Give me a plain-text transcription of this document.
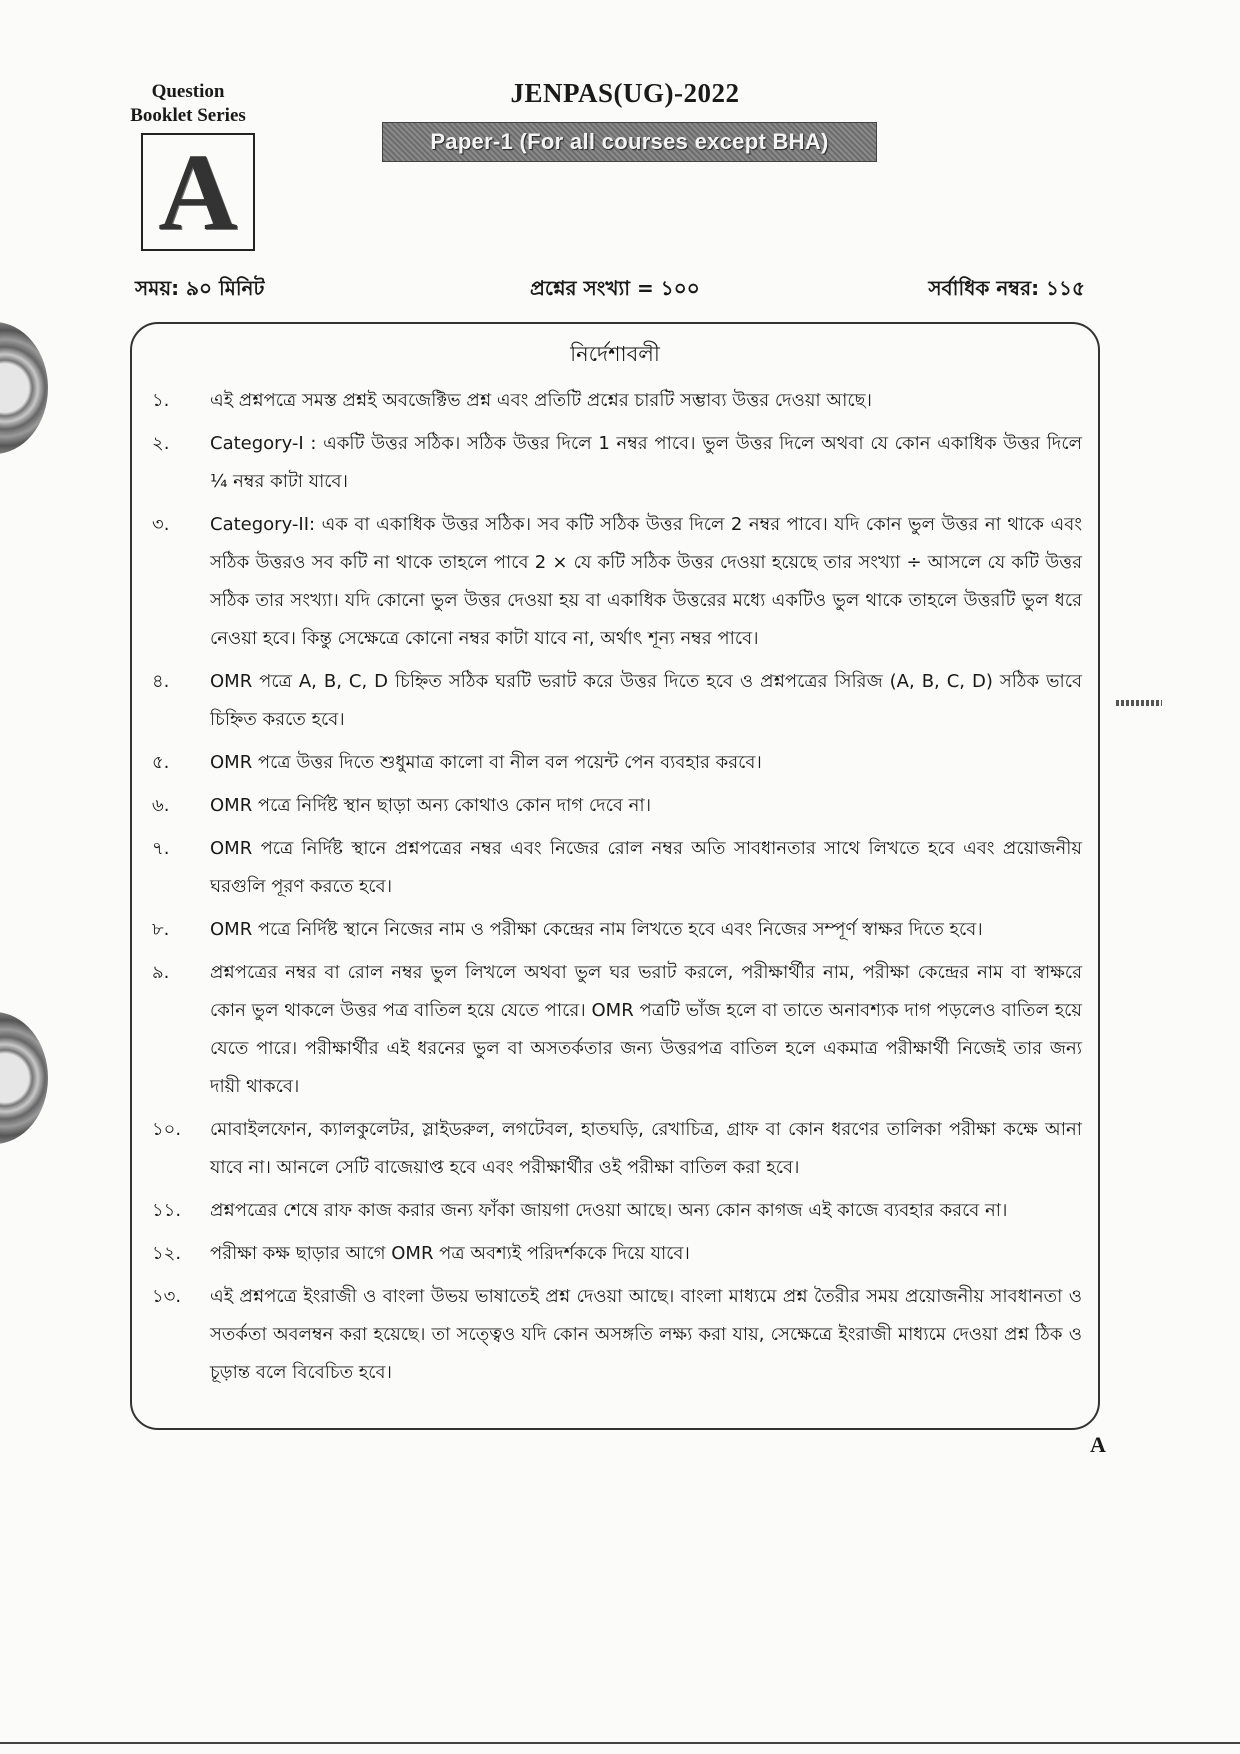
Question
Booklet Series
A
JENPAS(UG)-2022
Paper-1 (For all courses except BHA)
সময়: ৯০ মিনিট	প্রশ্নের সংখ্যা = ১০০	সর্বাধিক নম্বর: ১১৫
নির্দেশাবলী
১.	এই প্রশ্নপত্রে সমস্ত প্রশ্নই অবজেক্টিভ প্রশ্ন এবং প্রতিটি প্রশ্নের চারটি সম্ভাব্য উত্তর দেওয়া আছে।
২.	Category-I : একটি উত্তর সঠিক। সঠিক উত্তর দিলে 1 নম্বর পাবে। ভুল উত্তর দিলে অথবা যে কোন একাধিক উত্তর দিলে ¼ নম্বর কাটা যাবে।
৩.	Category-II: এক বা একাধিক উত্তর সঠিক। সব কটি সঠিক উত্তর দিলে 2 নম্বর পাবে। যদি কোন ভুল উত্তর না থাকে এবং সঠিক উত্তরও সব কটি না থাকে তাহলে পাবে 2 × যে কটি সঠিক উত্তর দেওয়া হয়েছে তার সংখ্যা ÷ আসলে যে কটি উত্তর সঠিক তার সংখ্যা। যদি কোনো ভুল উত্তর দেওয়া হয় বা একাধিক উত্তরের মধ্যে একটিও ভুল থাকে তাহলে উত্তরটি ভুল ধরে নেওয়া হবে। কিন্তু সেক্ষেত্রে কোনো নম্বর কাটা যাবে না, অর্থাৎ শূন্য নম্বর পাবে।
৪.	OMR পত্রে A, B, C, D চিহ্নিত সঠিক ঘরটি ভরাট করে উত্তর দিতে হবে ও প্রশ্নপত্রের সিরিজ (A, B, C, D) সঠিক ভাবে চিহ্নিত করতে হবে।
৫.	OMR পত্রে উত্তর দিতে শুধুমাত্র কালো বা নীল বল পয়েন্ট পেন ব্যবহার করবে।
৬.	OMR পত্রে নির্দিষ্ট স্থান ছাড়া অন্য কোথাও কোন দাগ দেবে না।
৭.	OMR পত্রে নির্দিষ্ট স্থানে প্রশ্নপত্রের নম্বর এবং নিজের রোল নম্বর অতি সাবধানতার সাথে লিখতে হবে এবং প্রয়োজনীয় ঘরগুলি পূরণ করতে হবে।
৮.	OMR পত্রে নির্দিষ্ট স্থানে নিজের নাম ও পরীক্ষা কেন্দ্রের নাম লিখতে হবে এবং নিজের সম্পূর্ণ স্বাক্ষর দিতে হবে।
৯.	প্রশ্নপত্রের নম্বর বা রোল নম্বর ভুল লিখলে অথবা ভুল ঘর ভরাট করলে, পরীক্ষার্থীর নাম, পরীক্ষা কেন্দ্রের নাম বা স্বাক্ষরে কোন ভুল থাকলে উত্তর পত্র বাতিল হয়ে যেতে পারে। OMR পত্রটি ভাঁজ হলে বা তাতে অনাবশ্যক দাগ পড়লেও বাতিল হয়ে যেতে পারে। পরীক্ষার্থীর এই ধরনের ভুল বা অসতর্কতার জন্য উত্তরপত্র বাতিল হলে একমাত্র পরীক্ষার্থী নিজেই তার জন্য দায়ী থাকবে।
১০.	মোবাইলফোন, ক্যালকুলেটর, স্লাইডরুল, লগটেবল, হাতঘড়ি, রেখাচিত্র, গ্রাফ বা কোন ধরণের তালিকা পরীক্ষা কক্ষে আনা যাবে না। আনলে সেটি বাজেয়াপ্ত হবে এবং পরীক্ষার্থীর ওই পরীক্ষা বাতিল করা হবে।
১১.	প্রশ্নপত্রের শেষে রাফ কাজ করার জন্য ফাঁকা জায়গা দেওয়া আছে। অন্য কোন কাগজ এই কাজে ব্যবহার করবে না।
১২.	পরীক্ষা কক্ষ ছাড়ার আগে OMR পত্র অবশ্যই পরিদর্শককে দিয়ে যাবে।
১৩.	এই প্রশ্নপত্রে ইংরাজী ও বাংলা উভয় ভাষাতেই প্রশ্ন দেওয়া আছে। বাংলা মাধ্যমে প্রশ্ন তৈরীর সময় প্রয়োজনীয় সাবধানতা ও সতর্কতা অবলম্বন করা হয়েছে। তা সত্ত্বেও যদি কোন অসঙ্গতি লক্ষ্য করা যায়, সেক্ষেত্রে ইংরাজী মাধ্যমে দেওয়া প্রশ্ন ঠিক ও চূড়ান্ত বলে বিবেচিত হবে।
A
